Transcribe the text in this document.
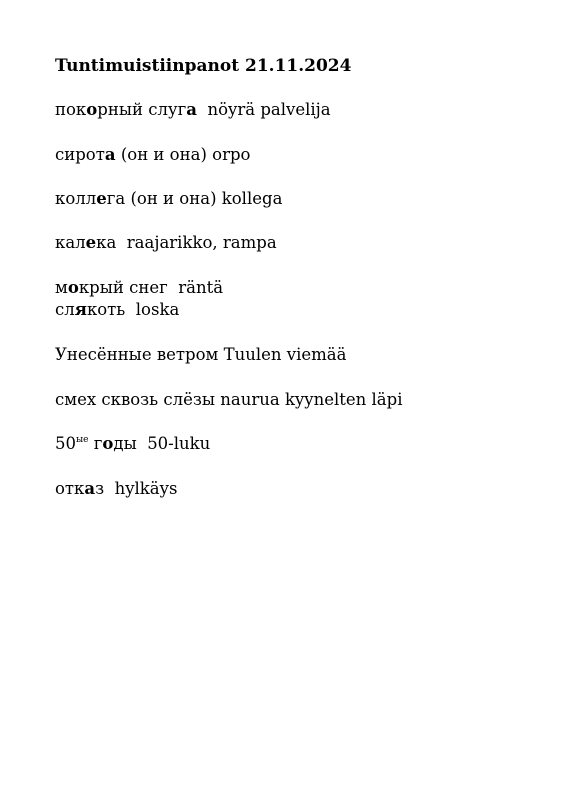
Tuntimuistiinpanot 21.11.2024
покорный слуга  nöyrä palvelija
сирота (он и она) orpo
коллега (он и она) kollega
калека  raajarikko, rampa
мокрый снег  räntä
слякоть  loska
Унесённые ветром Tuulen viemää
смех сквозь слёзы naurua kyynelten läpi
$50^{ые}$ годы  50-luku
отказ  hylkäys
